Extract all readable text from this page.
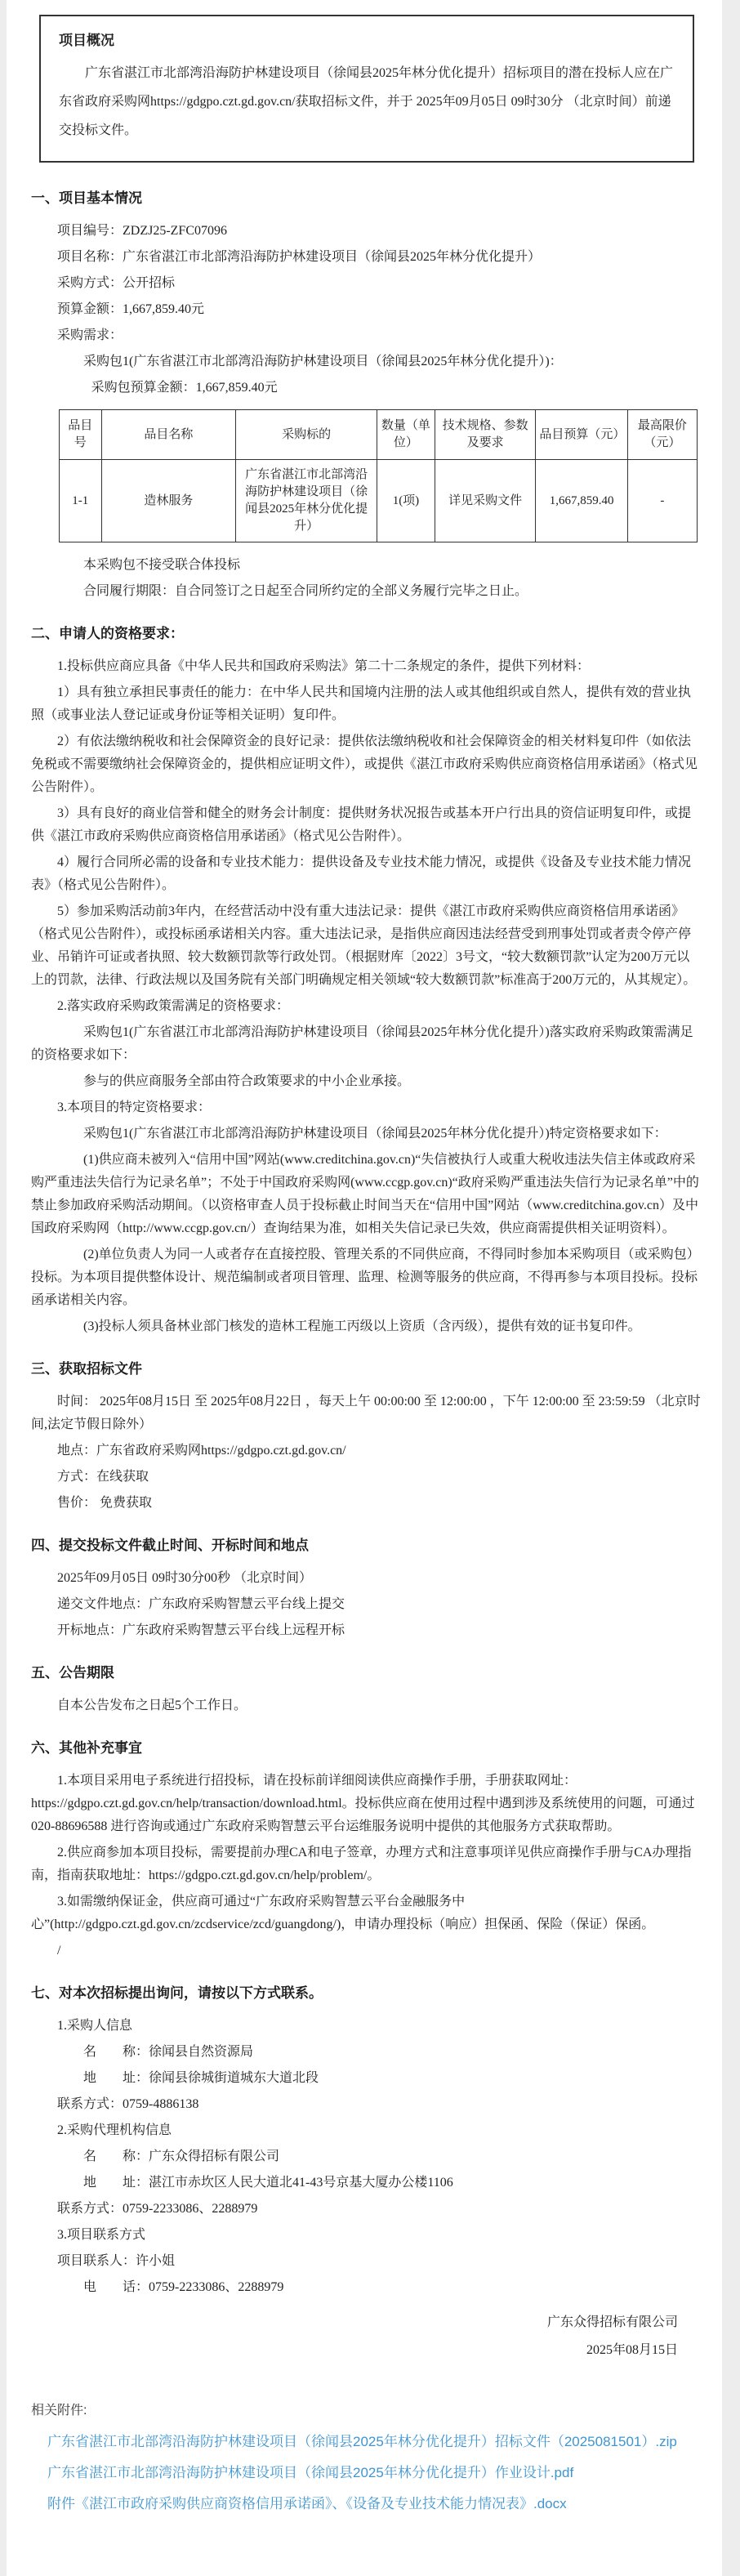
项目概况

广东省湛江市北部湾沿海防护林建设项目（徐闻县2025年林分优化提升）招标项目的潜在投标人应在广东省政府采购网https://gdgpo.czt.gd.gov.cn/获取招标文件，并于 2025年09月05日 09时30分 （北京时间）前递交投标文件。

一、项目基本情况

项目编号：ZDZJ25-ZFC07096

项目名称：广东省湛江市北部湾沿海防护林建设项目（徐闻县2025年林分优化提升）

采购方式：公开招标

预算金额：1,667,859.40元

采购需求：

采购包1(广东省湛江市北部湾沿海防护林建设项目（徐闻县2025年林分优化提升）)：

采购包预算金额：1,667,859.40元

品目号	品目名称	采购标的	数量（单位）	技术规格、参数及要求	品目预算（元）	最高限价（元）
1-1	造林服务	广东省湛江市北部湾沿海防护林建设项目（徐闻县2025年林分优化提升）	1(项)	详见采购文件	1,667,859.40	-

本采购包不接受联合体投标

合同履行期限：自合同签订之日起至合同所约定的全部义务履行完毕之日止。

二、申请人的资格要求：

1.投标供应商应具备《中华人民共和国政府采购法》第二十二条规定的条件，提供下列材料：

1）具有独立承担民事责任的能力：在中华人民共和国境内注册的法人或其他组织或自然人，提供有效的营业执照（或事业法人登记证或身份证等相关证明）复印件。

2）有依法缴纳税收和社会保障资金的良好记录：提供依法缴纳税收和社会保障资金的相关材料复印件（如依法免税或不需要缴纳社会保障资金的，提供相应证明文件），或提供《湛江市政府采购供应商资格信用承诺函》（格式见公告附件）。

3）具有良好的商业信誉和健全的财务会计制度：提供财务状况报告或基本开户行出具的资信证明复印件，或提供《湛江市政府采购供应商资格信用承诺函》（格式见公告附件）。

4）履行合同所必需的设备和专业技术能力：提供设备及专业技术能力情况，或提供《设备及专业技术能力情况表》（格式见公告附件）。

5）参加采购活动前3年内，在经营活动中没有重大违法记录：提供《湛江市政府采购供应商资格信用承诺函》（格式见公告附件），或投标函承诺相关内容。重大违法记录，是指供应商因违法经营受到刑事处罚或者责令停产停业、吊销许可证或者执照、较大数额罚款等行政处罚。（根据财库〔2022〕3号文，“较大数额罚款”认定为200万元以上的罚款，法律、行政法规以及国务院有关部门明确规定相关领域“较大数额罚款”标准高于200万元的，从其规定）。

2.落实政府采购政策需满足的资格要求：

采购包1(广东省湛江市北部湾沿海防护林建设项目（徐闻县2025年林分优化提升）)落实政府采购政策需满足的资格要求如下：

参与的供应商服务全部由符合政策要求的中小企业承接。

3.本项目的特定资格要求：

采购包1(广东省湛江市北部湾沿海防护林建设项目（徐闻县2025年林分优化提升）)特定资格要求如下：

(1)供应商未被列入“信用中国”网站(www.creditchina.gov.cn)“失信被执行人或重大税收违法失信主体或政府采购严重违法失信行为记录名单”；不处于中国政府采购网(www.ccgp.gov.cn)“政府采购严重违法失信行为记录名单”中的禁止参加政府采购活动期间。（以资格审查人员于投标截止时间当天在“信用中国”网站（www.creditchina.gov.cn）及中国政府采购网（http://www.ccgp.gov.cn/）查询结果为准，如相关失信记录已失效，供应商需提供相关证明资料）。

(2)单位负责人为同一人或者存在直接控股、管理关系的不同供应商，不得同时参加本采购项目（或采购包）投标。为本项目提供整体设计、规范编制或者项目管理、监理、检测等服务的供应商，不得再参与本项目投标。投标函承诺相关内容。

(3)投标人须具备林业部门核发的造林工程施工丙级以上资质（含丙级），提供有效的证书复印件。

三、获取招标文件

时间： 2025年08月15日 至 2025年08月22日 ，每天上午 00:00:00 至 12:00:00 ，下午 12:00:00 至 23:59:59 （北京时间,法定节假日除外）

地点：广东省政府采购网https://gdgpo.czt.gd.gov.cn/

方式：在线获取

售价： 免费获取

四、提交投标文件截止时间、开标时间和地点

2025年09月05日 09时30分00秒 （北京时间）

递交文件地点：广东政府采购智慧云平台线上提交

开标地点：广东政府采购智慧云平台线上远程开标

五、公告期限

自本公告发布之日起5个工作日。

六、其他补充事宜

1.本项目采用电子系统进行招投标，请在投标前详细阅读供应商操作手册，手册获取网址：https://gdgpo.czt.gd.gov.cn/help/transaction/download.html。投标供应商在使用过程中遇到涉及系统使用的问题，可通过020-88696588 进行咨询或通过广东政府采购智慧云平台运维服务说明中提供的其他服务方式获取帮助。

2.供应商参加本项目投标，需要提前办理CA和电子签章，办理方式和注意事项详见供应商操作手册与CA办理指南，指南获取地址：https://gdgpo.czt.gd.gov.cn/help/problem/。

3.如需缴纳保证金，供应商可通过“广东政府采购智慧云平台金融服务中心”(http://gdgpo.czt.gd.gov.cn/zcdservice/zcd/guangdong/)，申请办理投标（响应）担保函、保险（保证）保函。

/

七、对本次招标提出询问，请按以下方式联系。

1.采购人信息

名　　称：徐闻县自然资源局

地　　址：徐闻县徐城街道城东大道北段

联系方式：0759-4886138

2.采购代理机构信息

名　　称：广东众得招标有限公司

地　　址：湛江市赤坎区人民大道北41-43号京基大厦办公楼1106

联系方式：0759-2233086、2288979

3.项目联系方式

项目联系人：许小姐

电　　话：0759-2233086、2288979

广东众得招标有限公司

2025年08月15日

相关附件:
广东省湛江市北部湾沿海防护林建设项目（徐闻县2025年林分优化提升）招标文件（2025081501）.zip
广东省湛江市北部湾沿海防护林建设项目（徐闻县2025年林分优化提升）作业设计.pdf
附件《湛江市政府采购供应商资格信用承诺函》、《设备及专业技术能力情况表》.docx
